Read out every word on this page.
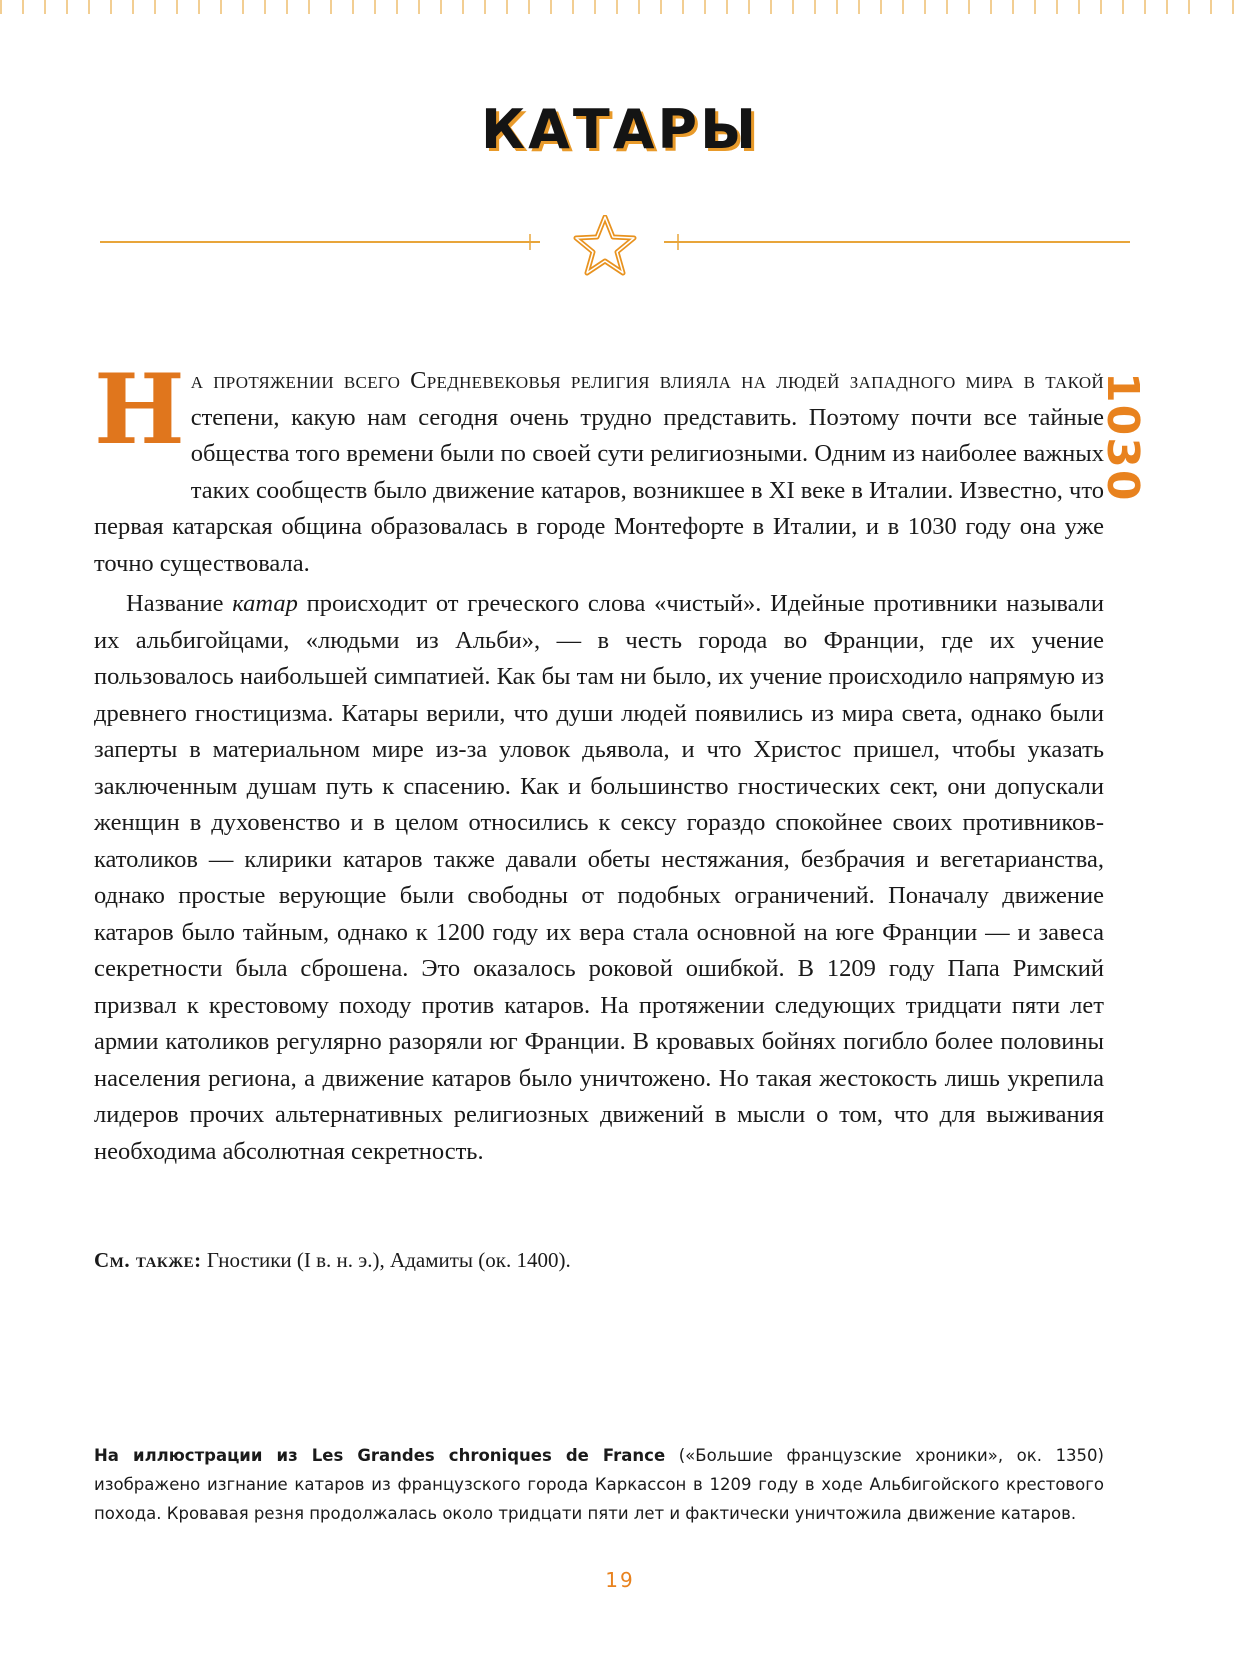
КАТАРЫ
1030

На протяжении всего Средневековья религия влияла на людей западного мира в такой степени, какую нам сегодня очень трудно представить. Поэтому почти все тайные общества того времени были по своей сути религиозными. Одним из наиболее важных таких сообществ было движение катаров, возникшее в XI веке в Италии. Известно, что первая катарская община образовалась в городе Монтефорте в Италии, и в 1030 году она уже точно существовала.

Название катар происходит от греческого слова «чистый». Идейные противники называли их альбигойцами, «людьми из Альби», — в честь города во Франции, где их учение пользовалось наибольшей симпатией. Как бы там ни было, их учение происходило напрямую из древнего гностицизма. Катары верили, что души людей появились из мира света, однако были заперты в материальном мире из-за уловок дьявола, и что Христос пришел, чтобы указать заключенным душам путь к спасению. Как и большинство гностических сект, они допускали женщин в духовенство и в целом относились к сексу гораздо спокойнее своих противников-католиков — клирики катаров также давали обеты нестяжания, безбрачия и вегетарианства, однако простые верующие были свободны от подобных ограничений. Поначалу движение катаров было тайным, однако к 1200 году их вера стала основной на юге Франции — и завеса секретности была сброшена. Это оказалось роковой ошибкой. В 1209 году Папа Римский призвал к крестовому походу против катаров. На протяжении следующих тридцати пяти лет армии католиков регулярно разоряли юг Франции. В кровавых бойнях погибло более половины населения региона, а движение катаров было уничтожено. Но такая жестокость лишь укрепила лидеров прочих альтернативных религиозных движений в мысли о том, что для выживания необходима абсолютная секретность.

См. также: Гностики (I в. н. э.), Адамиты (ок. 1400).
На иллюстрации из Les Grandes chroniques de France («Большие французские хроники», ок. 1350) изображено изгнание катаров из французского города Каркассон в 1209 году в ходе Альбигойского крестового похода. Кровавая резня продолжалась около тридцати пяти лет и фактически уничтожила движение катаров.
19
